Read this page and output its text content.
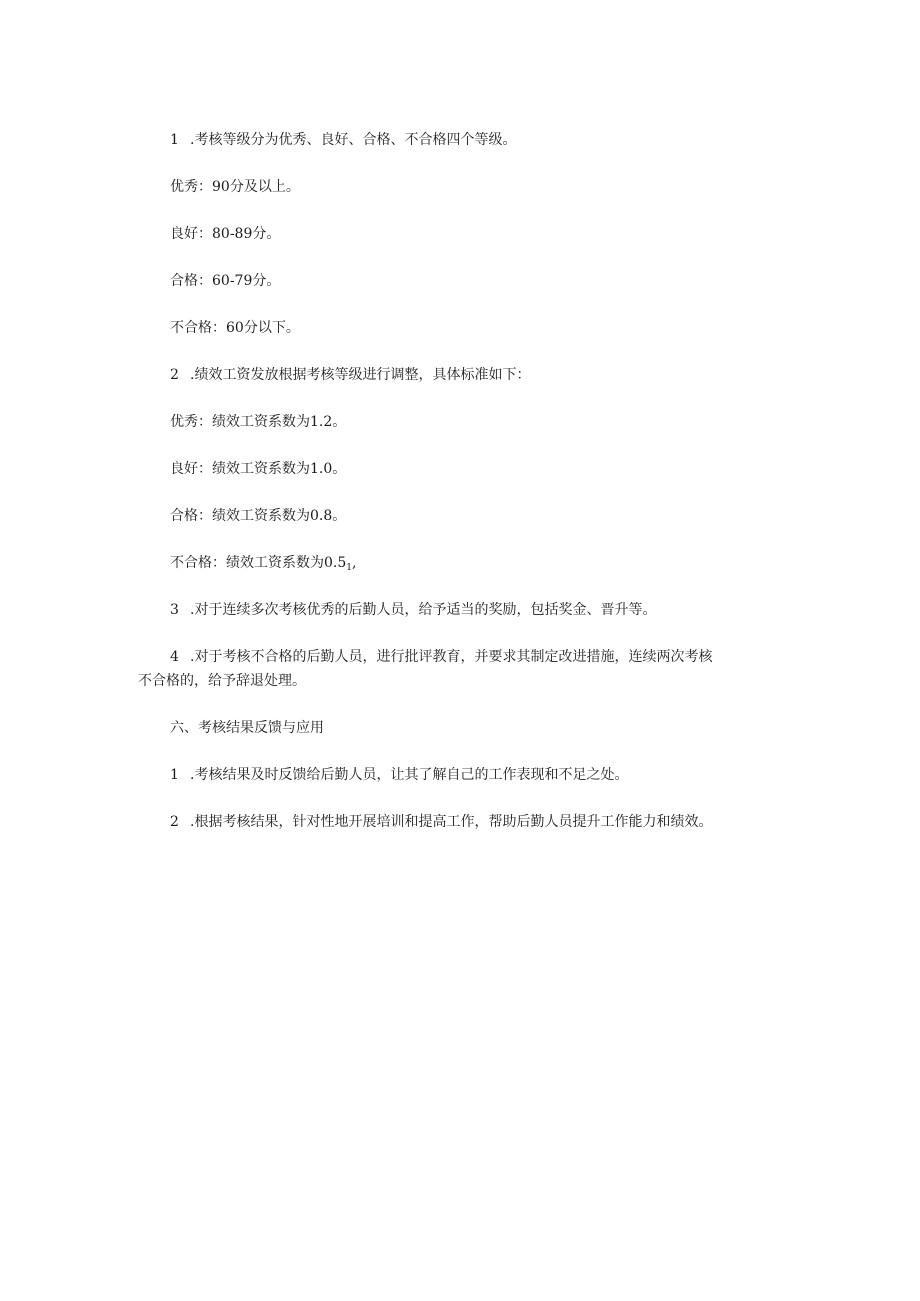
1 .考核等级分为优秀、良好、合格、不合格四个等级。
优秀：90分及以上。
良好：80-89分。
合格：60-79分。
不合格：60分以下。
2 .绩效工资发放根据考核等级进行调整，具体标准如下：
优秀：绩效工资系数为1.2。
良好：绩效工资系数为1.0。
合格：绩效工资系数为0.8。
不合格：绩效工资系数为$0.5_1$,
3 .对于连续多次考核优秀的后勤人员，给予适当的奖励，包括奖金、晋升等。
4 .对于考核不合格的后勤人员，进行批评教育，并要求其制定改进措施，连续两次考核
不合格的，给予辞退处理。
六、考核结果反馈与应用
1 .考核结果及时反馈给后勤人员，让其了解自己的工作表现和不足之处。
2 .根据考核结果，针对性地开展培训和提高工作，帮助后勤人员提升工作能力和绩效。
